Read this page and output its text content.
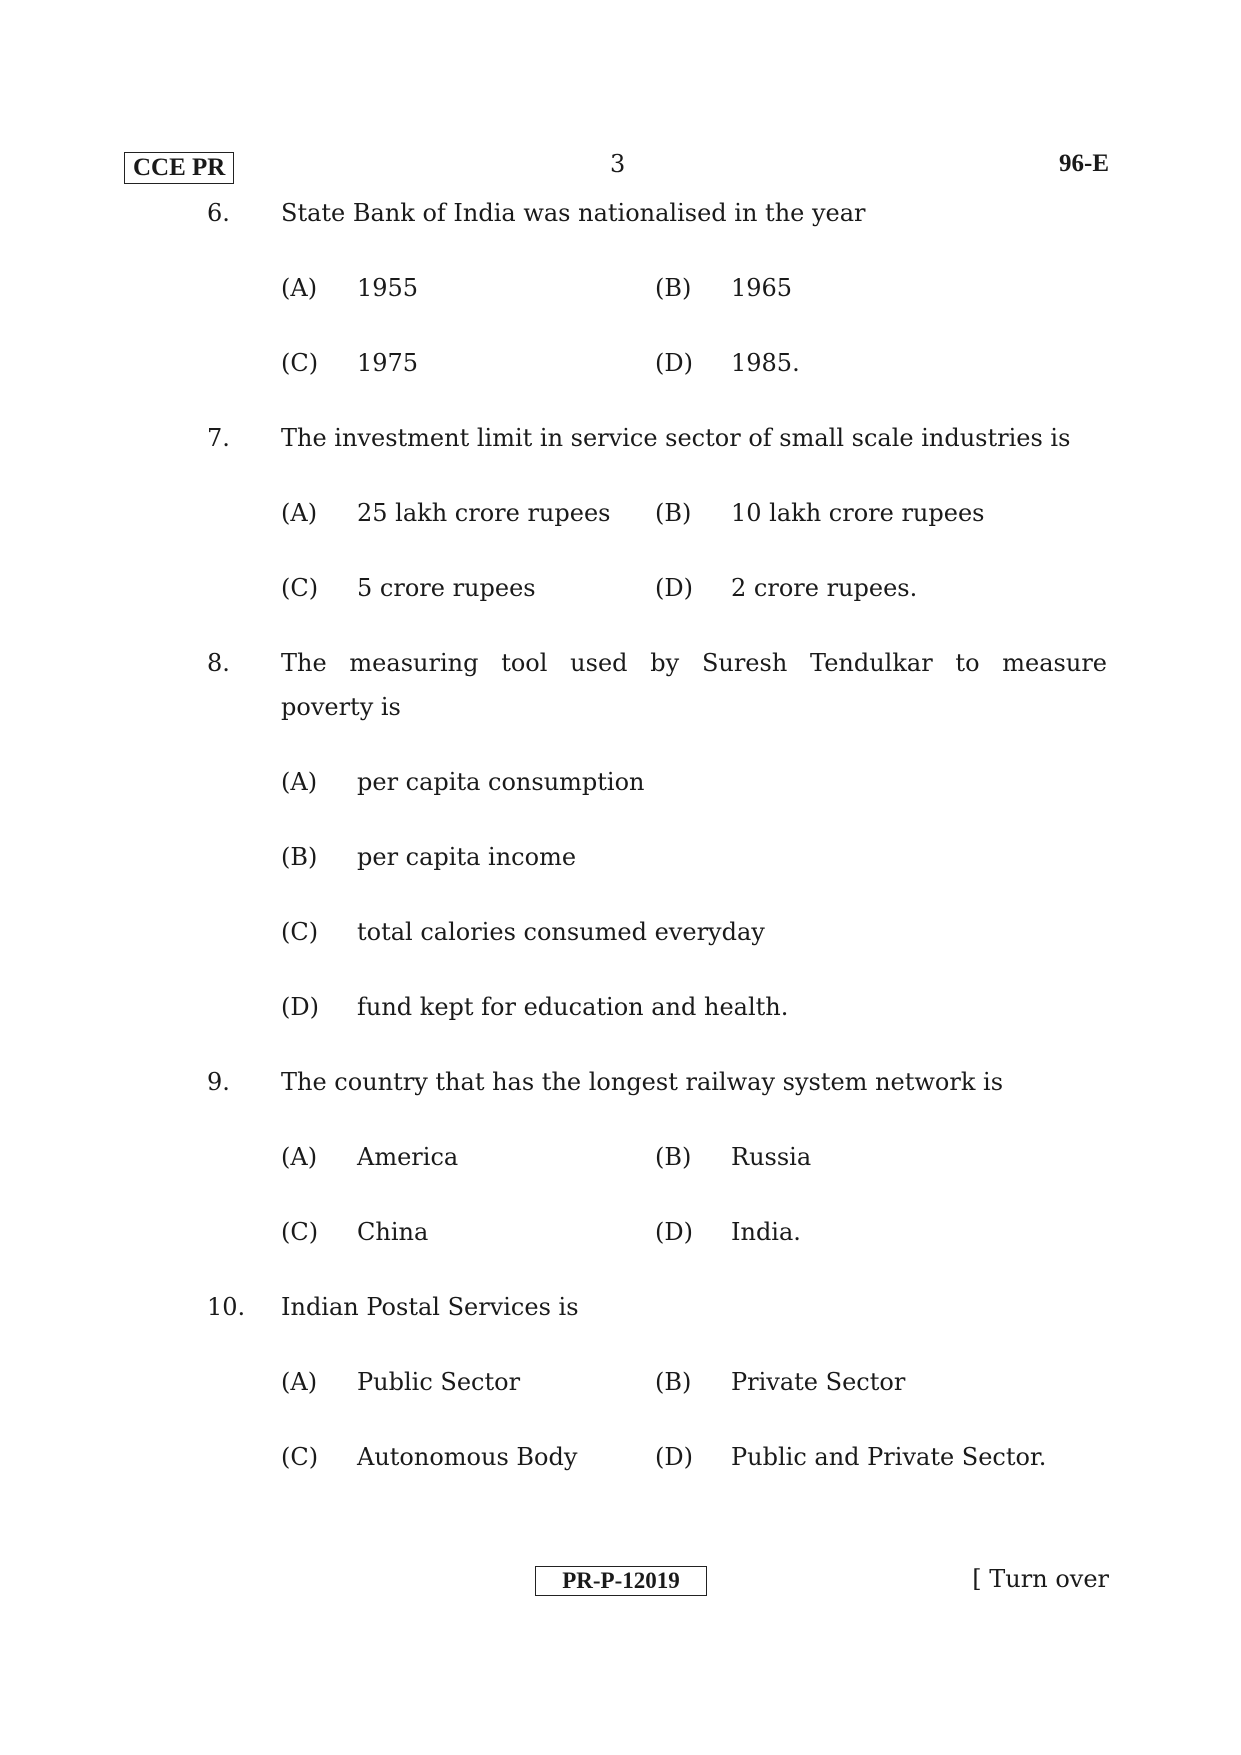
CCE PR	3	96-E
6. State Bank of India was nationalised in the year
(A) 1955	(B) 1965
(C) 1975	(D) 1985.
7. The investment limit in service sector of small scale industries is
(A) 25 lakh crore rupees (B) 10 lakh crore rupees
(C) 5 crore rupees	(D) 2 crore rupees.
8. The measuring tool used by Suresh Tendulkar to measure
poverty is
(A) per capita consumption
(B) per capita income
(C) total calories consumed everyday
(D) fund kept for education and health.
9. The country that has the longest railway system network is
(A) America	(B) Russia
(C) China	(D) India.
10. Indian Postal Services is
(A) Public Sector	(B) Private Sector
(C) Autonomous Body	(D) Public and Private Sector.
PR-P-12019	[ Turn over
